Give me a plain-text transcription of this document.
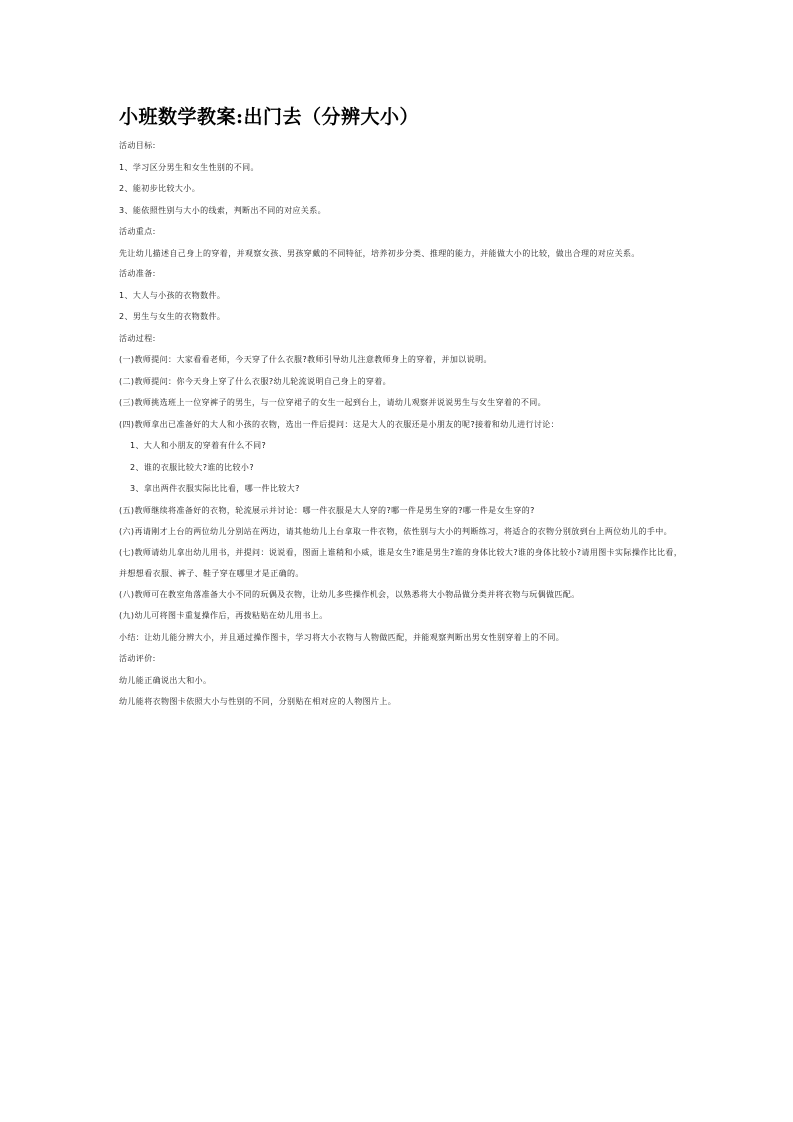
小班数学教案:出门去（分辨大小）
活动目标:
1、学习区分男生和女生性别的不同。
2、能初步比较大小。
3、能依照性别与大小的线索，判断出不同的对应关系。
活动重点:
先让幼儿描述自己身上的穿着，并观察女孩、男孩穿戴的不同特征，培养初步分类、推理的能力，并能做大小的比较，做出合理的对应关系。
活动准备:
1、大人与小孩的衣物数件。
2、男生与女生的衣物数件。
活动过程:
(一)教师提问：大家看看老师，今天穿了什么衣服?教师引导幼儿注意教师身上的穿着，并加以说明。
(二)教师提问：你今天身上穿了什么衣服?幼儿轮流说明自己身上的穿着。
(三)教师挑选班上一位穿裤子的男生，与一位穿裙子的女生一起到台上，请幼儿观察并说说男生与女生穿着的不同。
(四)教师拿出已准备好的大人和小孩的衣物，选出一件后提问：这是大人的衣服还是小朋友的呢?接着和幼儿进行讨论：
1、大人和小朋友的穿着有什么不同?
2、谁的衣服比较大?谁的比较小?
3、拿出两件衣服实际比比看，哪一件比较大?
(五)教师继续将准备好的衣物，轮流展示并讨论：哪一件衣服是大人穿的?哪一件是男生穿的?哪一件是女生穿的?
(六)再请刚才上台的两位幼儿分别站在两边，请其他幼儿上台拿取一件衣物，依性别与大小的判断练习，将适合的衣物分别放到台上两位幼儿的手中。
(七)教师请幼儿拿出幼儿用书，并提问：说说看，图面上谁稍和小威，谁是女生?谁是男生?谁的身体比较大?谁的身体比较小?请用图卡实际操作比比看，并想想看衣服、裤子、鞋子穿在哪里才是正确的。
(八)教师可在教室角落准备大小不同的玩偶及衣物，让幼儿多些操作机会，以熟悉将大小物品做分类并将衣物与玩偶做匹配。
(九)幼儿可将图卡重复操作后，再拨粘贴在幼儿用书上。
小结：让幼儿能分辨大小，并且通过操作图卡，学习将大小衣物与人物做匹配，并能观察判断出男女性别穿着上的不同。
活动评价:
幼儿能正确说出大和小。
幼儿能将衣物图卡依照大小与性别的不同，分别贴在相对应的人物图片上。
